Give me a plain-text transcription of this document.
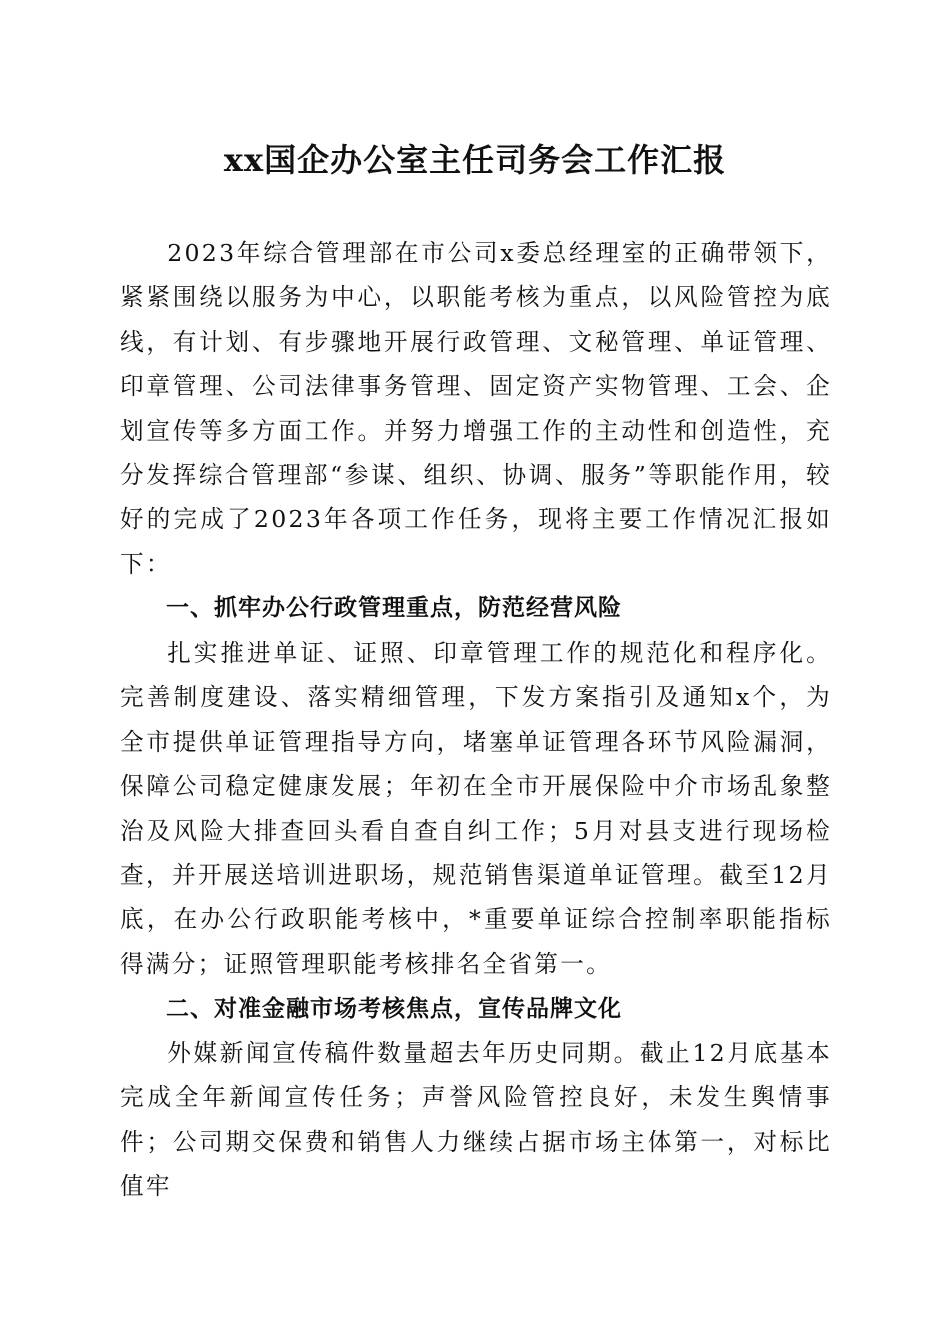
xx国企办公室主任司务会工作汇报

2023年综合管理部在市公司x委总经理室的正确带领下，紧紧围绕以服务为中心，以职能考核为重点，以风险管控为底线，有计划、有步骤地开展行政管理、文秘管理、单证管理、印章管理、公司法律事务管理、固定资产实物管理、工会、企划宣传等多方面工作。并努力增强工作的主动性和创造性，充分发挥综合管理部“参谋、组织、协调、服务”等职能作用，较好的完成了2023年各项工作任务，现将主要工作情况汇报如下：

一、抓牢办公行政管理重点，防范经营风险

扎实推进单证、证照、印章管理工作的规范化和程序化。完善制度建设、落实精细管理，下发方案指引及通知x个，为全市提供单证管理指导方向，堵塞单证管理各环节风险漏洞，保障公司稳定健康发展；年初在全市开展保险中介市场乱象整治及风险大排查回头看自查自纠工作；5月对县支进行现场检查，并开展送培训进职场，规范销售渠道单证管理。截至12月底，在办公行政职能考核中，*重要单证综合控制率职能指标得满分；证照管理职能考核排名全省第一。

二、对准金融市场考核焦点，宣传品牌文化

外媒新闻宣传稿件数量超去年历史同期。截止12月底基本完成全年新闻宣传任务；声誉风险管控良好，未发生舆情事件；公司期交保费和销售人力继续占据市场主体第一，对标比值牢
